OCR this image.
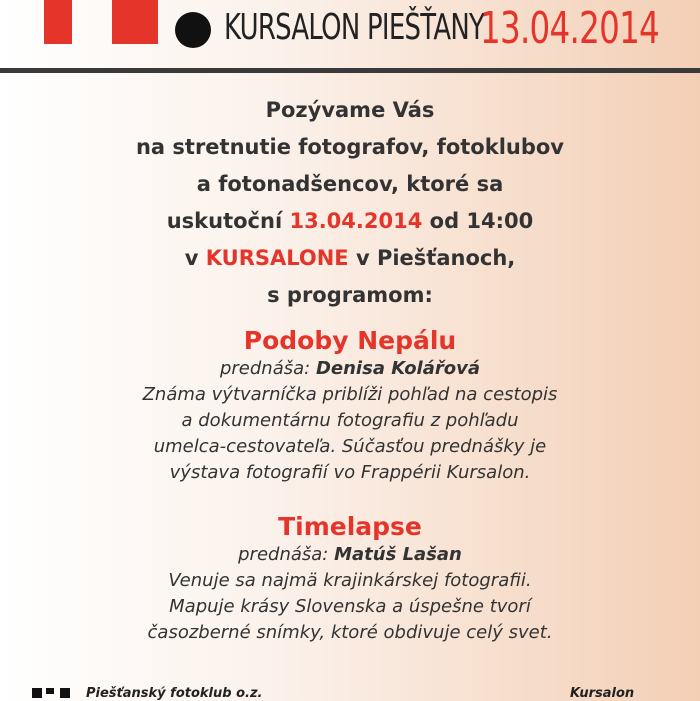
KURSALON PIEŠŤANY
13.04.2014
Pozývame Vás
na stretnutie fotografov, fotoklubov
a fotonadšencov, ktoré sa
uskutoční 13.04.2014 od 14:00
v KURSALONE v Piešťanoch,
s programom:
Podoby Nepálu
prednáša: Denisa Kolářová
Známa výtvarníčka priblíži pohľad na cestopis
a dokumentárnu fotografiu z pohľadu
umelca-cestovateľa. Súčasťou prednášky je
výstava fotografií vo Frappérii Kursalon.
Timelapse
prednáša: Matúš Lašan
Venuje sa najmä krajinkárskej fotografii.
Mapuje krásy Slovenska a úspešne tvorí
časozberné snímky, ktoré obdivuje celý svet.
Piešťanský fotoklub o.z.	Kursalon
